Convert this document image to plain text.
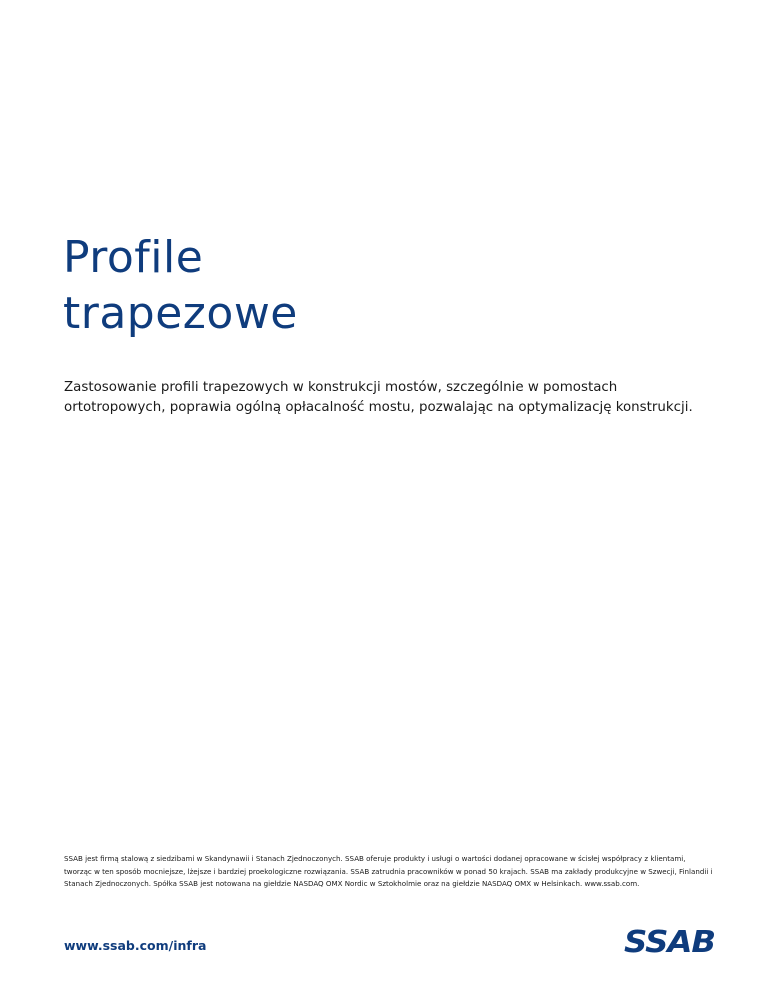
Profile
trapezowe

Zastosowanie profili trapezowych w konstrukcji mostów, szczególnie w pomostach ortotropowych, poprawia ogólną opłacalność mostu, pozwalając na optymalizację konstrukcji.

SSAB jest firmą stalową z siedzibami w Skandynawii i Stanach Zjednoczonych. SSAB oferuje produkty i usługi o wartości dodanej opracowane w ścisłej współpracy z klientami, tworząc w ten sposób mocniejsze, lżejsze i bardziej proekologiczne rozwiązania. SSAB zatrudnia pracowników w ponad 50 krajach. SSAB ma zakłady produkcyjne w Szwecji, Finlandii i Stanach Zjednoczonych. Spółka SSAB jest notowana na giełdzie NASDAQ OMX Nordic w Sztokholmie oraz na giełdzie NASDAQ OMX w Helsinkach. www.ssab.com.

www.ssab.com/infra	SSAB
